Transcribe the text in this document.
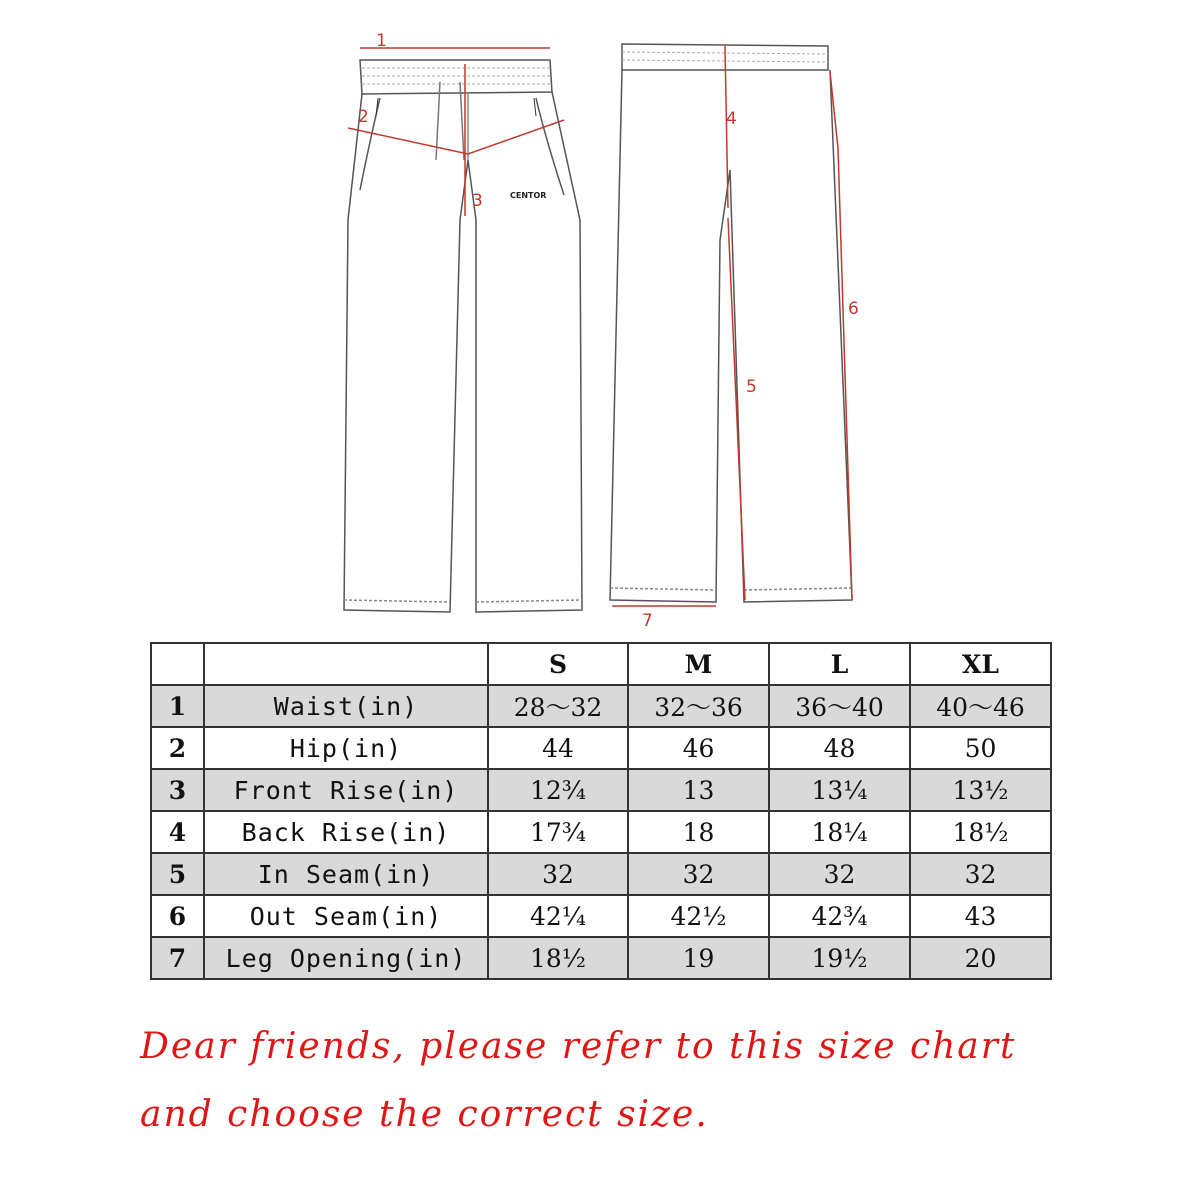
CENTOR
1
2
3
4
5
6
7
		S	M	L	XL
1	Waist(in)	28～32	32～36	36～40	40～46
2	Hip(in)	44	46	48	50
3	Front Rise(in)	12¾	13	13¼	13½
4	Back Rise(in)	17¾	18	18¼	18½
5	In Seam(in)	32	32	32	32
6	Out Seam(in)	42¼	42½	42¾	43
7	Leg Opening(in)	18½	19	19½	20
Dear friends, please refer to this size chart
and choose the correct size.
